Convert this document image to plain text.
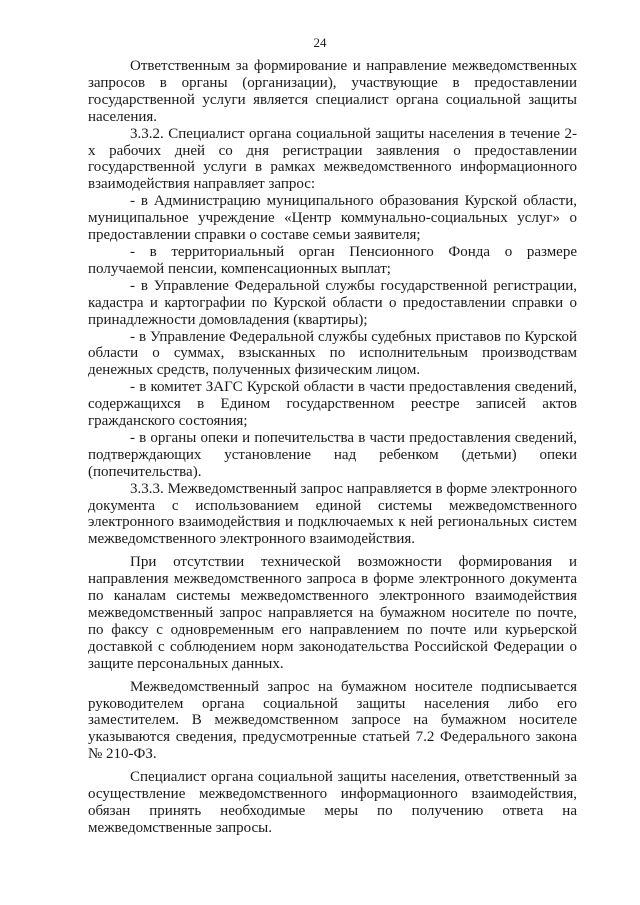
24

Ответственным за формирование и направление межведомственных запросов в органы (организации), участвующие в предоставлении государственной услуги является специалист органа социальной защиты населения.

3.3.2. Специалист органа социальной защиты населения в течение 2-х рабочих дней со дня регистрации заявления о предоставлении государственной услуги в рамках межведомственного информационного взаимодействия направляет запрос:

- в Администрацию муниципального образования Курской области, муниципальное учреждение «Центр коммунально-социальных услуг» о предоставлении справки о составе семьи заявителя;

- в территориальный орган Пенсионного Фонда о размере получаемой пенсии, компенсационных выплат;

- в Управление Федеральной службы государственной регистрации, кадастра и картографии по Курской области о предоставлении справки о принадлежности домовладения (квартиры);

- в Управление Федеральной службы судебных приставов по Курской области о суммах, взысканных по исполнительным производствам денежных средств, полученных физическим лицом.

- в комитет ЗАГС Курской области в части предоставления сведений, содержащихся в Едином государственном реестре записей актов гражданского состояния;

- в органы опеки и попечительства в части предоставления сведений, подтверждающих установление над ребенком (детьми) опеки (попечительства).

3.3.3. Межведомственный запрос направляется в форме электронного документа с использованием единой системы межведомственного электронного взаимодействия и подключаемых к ней региональных систем межведомственного электронного взаимодействия.

При отсутствии технической возможности формирования и направления межведомственного запроса в форме электронного документа по каналам системы межведомственного электронного взаимодействия межведомственный запрос направляется на бумажном носителе по почте, по факсу с одновременным его направлением по почте или курьерской доставкой с соблюдением норм законодательства Российской Федерации о защите персональных данных.

Межведомственный запрос на бумажном носителе подписывается руководителем органа социальной защиты населения либо его заместителем. В межведомственном запросе на бумажном носителе указываются сведения, предусмотренные статьей 7.2 Федерального закона № 210-ФЗ.

Специалист органа социальной защиты населения, ответственный за осуществление межведомственного информационного взаимодействия, обязан принять необходимые меры по получению ответа на межведомственные запросы.
